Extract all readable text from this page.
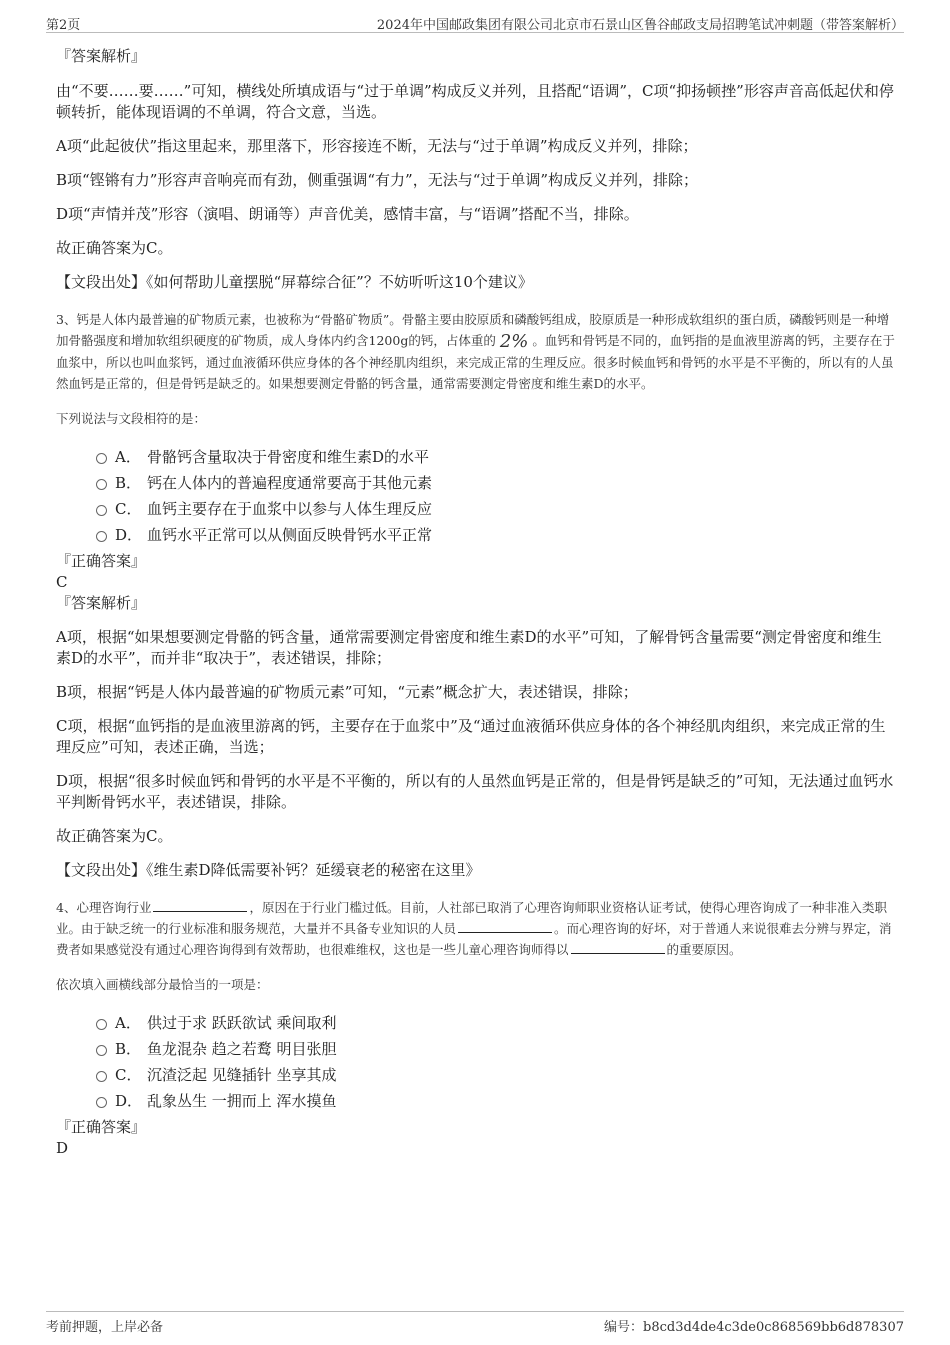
第2页	2024年中国邮政集团有限公司北京市石景山区鲁谷邮政支局招聘笔试冲刺题（带答案解析）

『答案解析』

由“不要……要……”可知，横线处所填成语与“过于单调”构成反义并列，且搭配“语调”，C项“抑扬顿挫”形容声音高低起伏和停顿转折，能体现语调的不单调，符合文意，当选。

A项“此起彼伏”指这里起来，那里落下，形容接连不断，无法与“过于单调”构成反义并列，排除；

B项“铿锵有力”形容声音响亮而有劲，侧重强调“有力”，无法与“过于单调”构成反义并列，排除；

D项“声情并茂”形容（演唱、朗诵等）声音优美，感情丰富，与“语调”搭配不当，排除。

故正确答案为C。

【文段出处】《如何帮助儿童摆脱“屏幕综合征”？不妨听听这10个建议》

3、钙是人体内最普遍的矿物质元素，也被称为“骨骼矿物质”。骨骼主要由胶原质和磷酸钙组成，胶原质是一种形成软组织的蛋白质，磷酸钙则是一种增加骨骼强度和增加软组织硬度的矿物质，成人身体内约含1200g的钙，占体重的 2% 。血钙和骨钙是不同的，血钙指的是血液里游离的钙，主要存在于血浆中，所以也叫血浆钙，通过血液循环供应身体的各个神经肌肉组织，来完成正常的生理反应。很多时候血钙和骨钙的水平是不平衡的，所以有的人虽然血钙是正常的，但是骨钙是缺乏的。如果想要测定骨骼的钙含量，通常需要测定骨密度和维生素D的水平。

下列说法与文段相符的是：

A． 骨骼钙含量取决于骨密度和维生素D的水平
B． 钙在人体内的普遍程度通常要高于其他元素
C． 血钙主要存在于血浆中以参与人体生理反应
D． 血钙水平正常可以从侧面反映骨钙水平正常

『正确答案』

C

『答案解析』

A项，根据“如果想要测定骨骼的钙含量，通常需要测定骨密度和维生素D的水平”可知，了解骨钙含量需要“测定骨密度和维生素D的水平”，而并非“取决于”，表述错误，排除；

B项，根据“钙是人体内最普遍的矿物质元素”可知，“元素”概念扩大，表述错误，排除；

C项，根据“血钙指的是血液里游离的钙，主要存在于血浆中”及“通过血液循环供应身体的各个神经肌肉组织，来完成正常的生理反应”可知，表述正确，当选；

D项，根据“很多时候血钙和骨钙的水平是不平衡的，所以有的人虽然血钙是正常的，但是骨钙是缺乏的”可知，无法通过血钙水平判断骨钙水平，表述错误，排除。

故正确答案为C。

【文段出处】《维生素D降低需要补钙？延缓衰老的秘密在这里》

4、心理咨询行业	，原因在于行业门槛过低。目前，人社部已取消了心理咨询师职业资格认证考试，使得心理咨询成了一种非准入类职业。由于缺乏统一的行业标准和服务规范，大量并不具备专业知识的人员	。而心理咨询的好坏，对于普通人来说很难去分辨与界定，消费者如果感觉没有通过心理咨询得到有效帮助，也很难维权，这也是一些儿童心理咨询师得以	的重要原因。

依次填入画横线部分最恰当的一项是：

A． 供过于求 跃跃欲试 乘间取利
B． 鱼龙混杂 趋之若鹜 明目张胆
C． 沉渣泛起 见缝插针 坐享其成
D． 乱象丛生 一拥而上 浑水摸鱼

『正确答案』

D

考前押题，上岸必备	编号：b8cd3d4de4c3de0c868569bb6d878307
